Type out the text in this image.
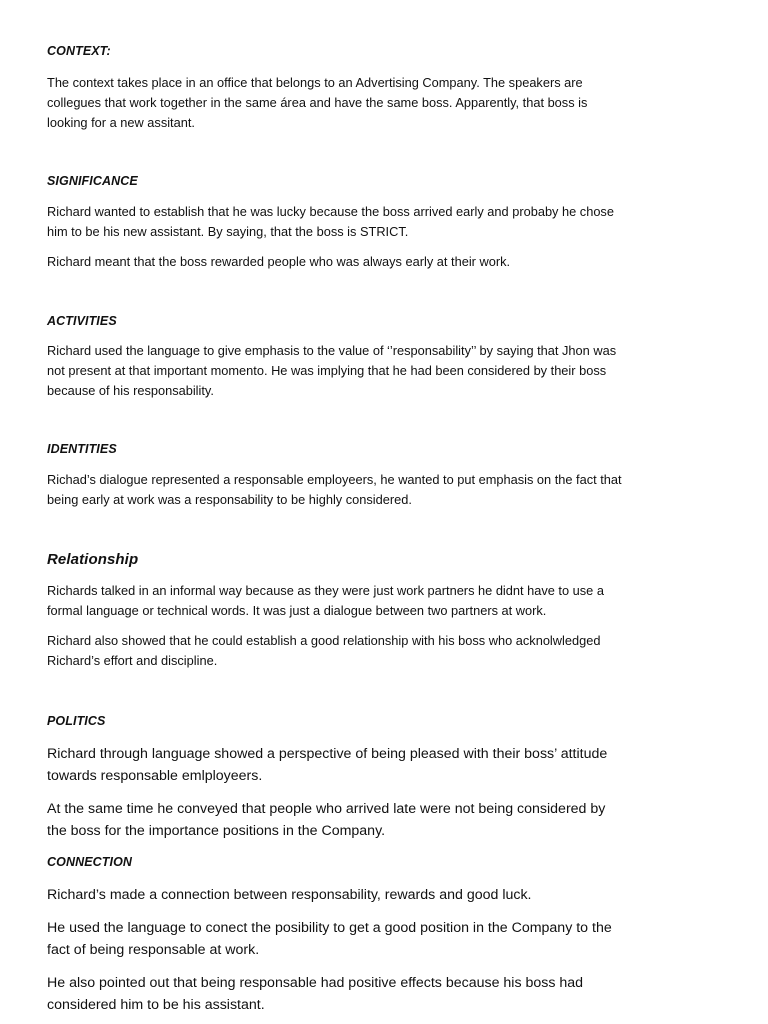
CONTEXT:

The context takes place in an office that belongs to an Advertising Company. The speakers are

collegues that work together in the same área and have the same boss. Apparently, that boss is

looking for a new assitant.

SIGNIFICANCE

Richard wanted to establish that he was lucky because the boss arrived early and probaby he chose

him to be his new assistant. By saying, that the boss is STRICT.

Richard meant that the boss rewarded people who was always early at their work.

ACTIVITIES

Richard used the language to give emphasis to the value of ‘’responsability’’ by saying that Jhon was

not present at that important momento. He was implying that he had been considered by their boss

because of his responsability.

IDENTITIES

Richad’s dialogue represented a responsable employeers, he wanted to put emphasis on the fact that

being early at work was a responsability to be highly considered.

Relationship

Richards talked in an informal way because as they were just work partners he didnt have to use a

formal language or technical words. It was just a dialogue between two partners at work.

Richard also showed that he could establish a good relationship with his boss who acknolwledged

Richard’s effort and discipline.

POLITICS

Richard through language showed a perspective of being pleased with their boss’ attitude

towards responsable emlployeers.

At the same time he conveyed that people who arrived late were not being considered by

the boss for the importance positions in the Company.

CONNECTION

Richard’s made a connection between responsability, rewards and good luck.

He used the language to conect the posibility to get a good position in the Company to the

fact of being responsable at work.

He also pointed out that being responsable had positive effects because his boss had

considered him to be his assistant.
